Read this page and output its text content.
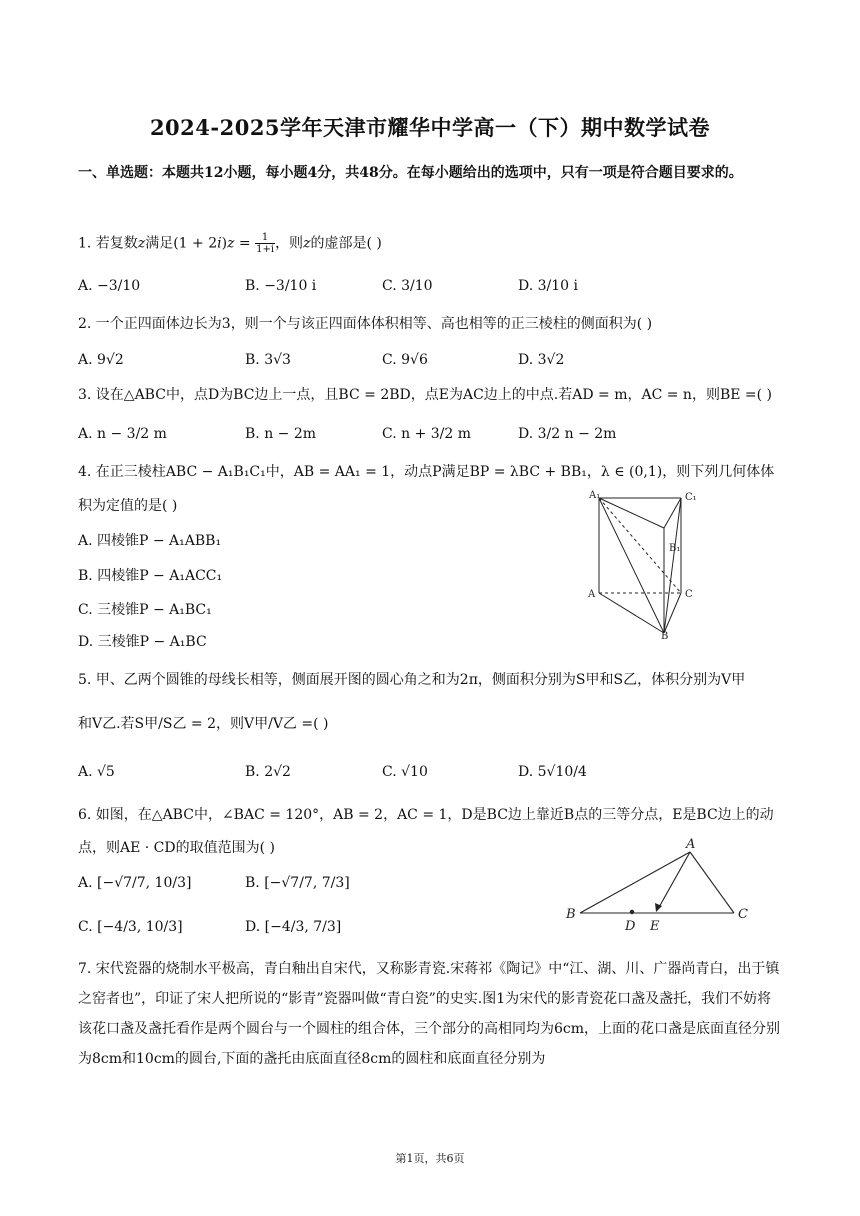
2024-2025学年天津市耀华中学高一（下）期中数学试卷
一、单选题：本题共12小题，每小题4分，共48分。在每小题给出的选项中，只有一项是符合题目要求的。
1. 若复数z满足$(1 + 2i)z = \frac{1}{1+i}$ ，则z的虚部是( )
A. −3/10	B. −3/10 i	C. 3/10	D. 3/10 i
2. 一个正四面体边长为3，则一个与该正四面体体积相等、高也相等的正三棱柱的侧面积为( )
A. 9√2	B. 3√3	C. 9√6	D. 3√2
3. 设在△ABC中，点D为BC边上一点，且BC = 2BD，点E为AC边上的中点.若AD = m，AC = n，则BE =( )
A. n − 3/2 m	B. n − 2m	C. n + 3/2 m	D. 3/2 n − 2m
4. 在正三棱柱ABC − A₁B₁C₁中，AB = AA₁ = 1，动点P满足BP = λBC + BB₁，λ ∈ (0,1)，则下列几何体体
积为定值的是( )
A. 四棱锥P − A₁ABB₁
B. 四棱锥P − A₁ACC₁
C. 三棱锥P − A₁BC₁
D. 三棱锥P − A₁BC
A₁	C₁
B₁
A	C
B
5. 甲、乙两个圆锥的母线长相等，侧面展开图的圆心角之和为2π，侧面积分别为S甲和S乙，体积分别为V甲
和V乙.若S甲/S乙 = 2，则V甲/V乙 =( )
A. √5	B. 2√2	C. √10	D. 5√10/4
6. 如图，在△ABC中，∠BAC = 120°，AB = 2，AC = 1，D是BC边上靠近B点的三等分点，E是BC边上的动
点，则AE · CD的取值范围为( )
A. [−√7/7, 10/3]	B. [−√7/7, 7/3]
C. [−4/3, 10/3]	D. [−4/3, 7/3]
A
B
D E
C
7. 宋代瓷器的烧制水平极高，青白釉出自宋代，又称影青瓷.宋蒋祁《陶记》中“江、湖、川、广器尚青白，出于镇之窑者也”，印证了宋人把所说的“影青”瓷器叫做“青白瓷”的史实.图1为宋代的影青瓷花口盏及盏托，我们不妨将该花口盏及盏托看作是两个圆台与一个圆柱的组合体，三个部分的高相同均为6cm，上面的花口盏是底面直径分别为8cm和10cm的圆台,下面的盏托由底面直径8cm的圆柱和底面直径分别为
第1页，共6页
